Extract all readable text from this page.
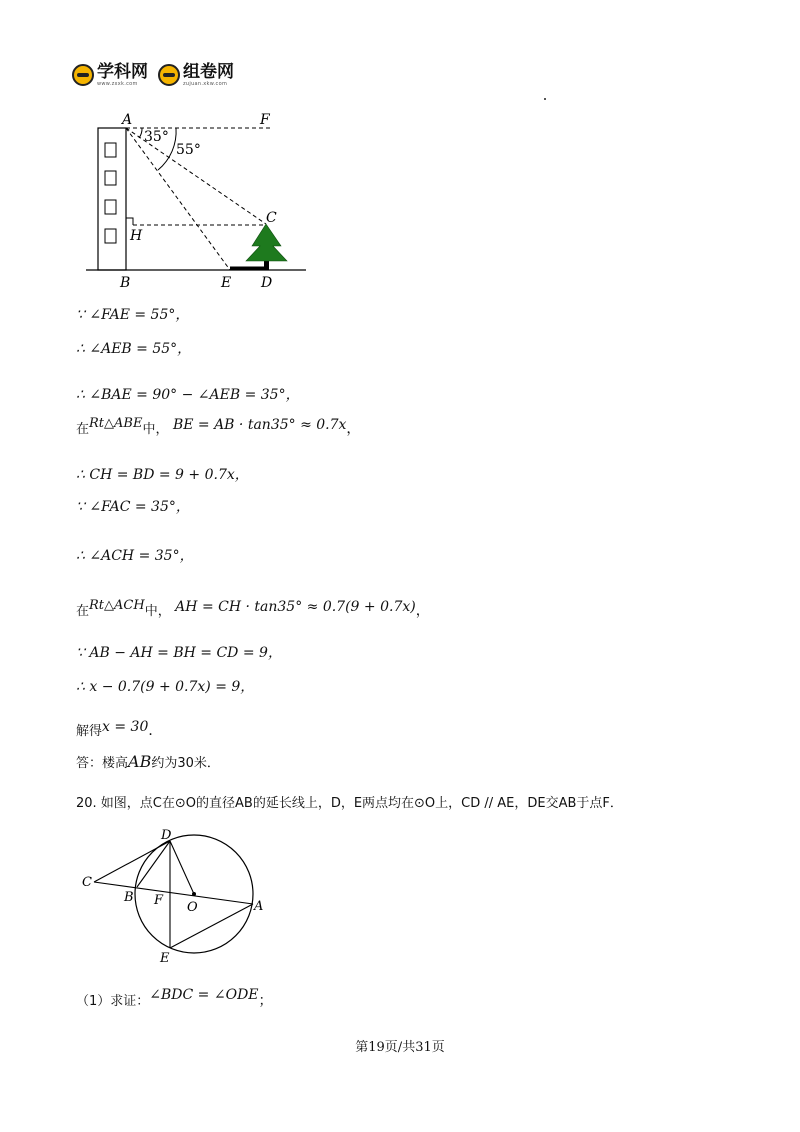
学科网
www.zxxk.com
组卷网
zujuan.xkw.com
A	F
35°
55°
C
H
B	E D
∵ ∠FAE = 55°，
∴ ∠AEB = 55°，
∴ ∠BAE = 90° − ∠AEB = 35°，
在Rt△ABE中， BE = AB · tan35° ≈ 0.7x，
∴ CH = BD = 9 + 0.7x，
∵ ∠FAC = 35°，
∴ ∠ACH = 35°，
在Rt△ACH中， AH = CH · tan35° ≈ 0.7(9 + 0.7x)，
∵ AB − AH = BH = CD = 9，
∴ x − 0.7(9 + 0.7x) = 9，
解得x = 30．
答：楼高AB约为30米．
20. 如图，点C在⊙O的直径AB的延长线上，D，E两点均在⊙O上，CD // AE，DE交AB于点F．
D
C
B F O	A
E
（1）求证：∠BDC = ∠ODE；
第19页/共31页
